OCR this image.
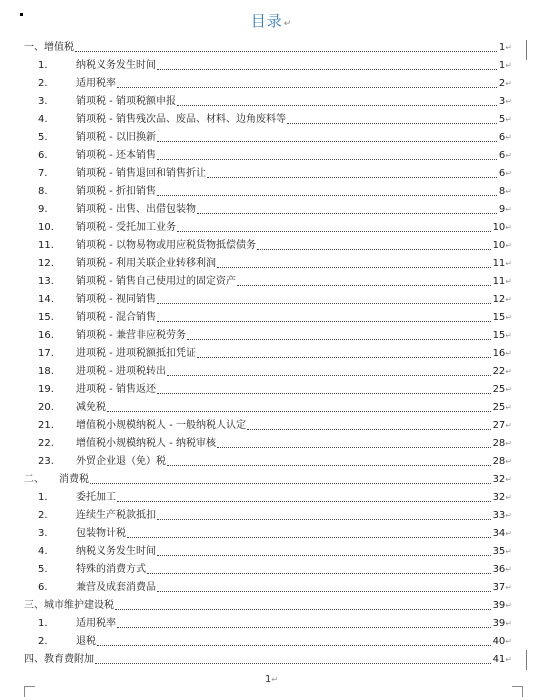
目录↵
一、 增值税	1↵
1.	纳税义务发生时间	1↵
2.	适用税率	2↵
3.	销项税 - 销项税额申报	3↵
4.	销项税 - 销售残次品、废品、材料、边角废料等	5↵
5.	销项税 - 以旧换新	6↵
6.	销项税 - 还本销售	6↵
7.	销项税 - 销售退回和销售折让	6↵
8.	销项税 - 折扣销售	8↵
9.	销项税 - 出售、出借包装物	9↵
10.	销项税 - 受托加工业务	10↵
11.	销项税 - 以物易物或用应税货物抵偿债务	10↵
12.	销项税 - 利用关联企业转移利润	11↵
13.	销项税 - 销售自己使用过的固定资产	11↵
14.	销项税 - 视同销售	12↵
15.	销项税 - 混合销售	15↵
16.	销项税 - 兼营非应税劳务	15↵
17.	进项税 - 进项税额抵扣凭证	16↵
18.	进项税 - 进项税转出	22↵
19.	进项税 - 销售返还	25↵
20.	减免税	25↵
21.	增值税小规模纳税人 - 一般纳税人认定	27↵
22.	增值税小规模纳税人 - 纳税审核	28↵
23.	外贸企业退（免）税	28↵
二、	消费税	32↵
1.	委托加工	32↵
2.	连续生产税款抵扣	33↵
3.	包装物计税	34↵
4.	纳税义务发生时间	35↵
5.	特殊的消费方式	36↵
6.	兼营及成套消费品	37↵
三、 城市维护建设税	39↵
1.	适用税率	39↵
2.	退税	40↵
四、 教育费附加	41↵
1↵
